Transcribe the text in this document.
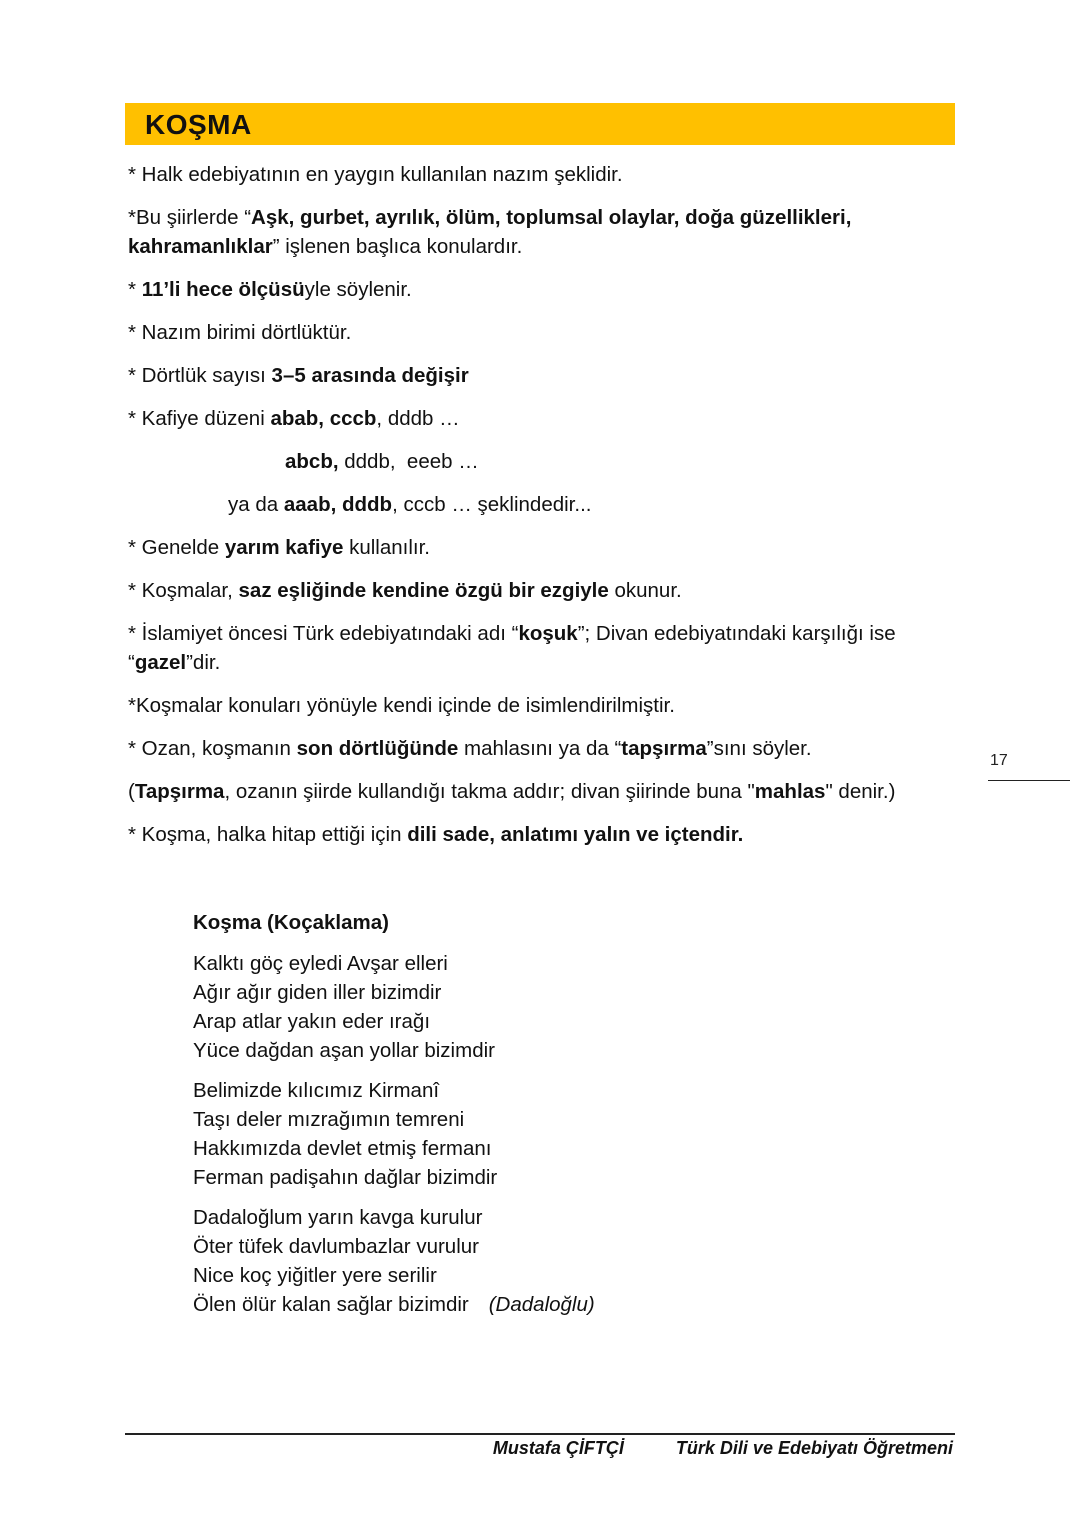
KOŞMA
* Halk edebiyatının en yaygın kullanılan nazım şeklidir.
*Bu şiirlerde “Aşk, gurbet, ayrılık, ölüm, toplumsal olaylar, doğa güzellikleri, kahramanlıklar” işlenen başlıca konulardır.
* 11’li hece ölçüsüyle söylenir.
* Nazım birimi dörtlüktür.
* Dörtlük sayısı 3–5 arasında değişir
* Kafiye düzeni abab, cccb, dddb …
abcb, dddb,  eeeb …
ya da aaab, dddb, cccb … şeklindedir...
* Genelde yarım kafiye kullanılır.
* Koşmalar, saz eşliğinde kendine özgü bir ezgiyle okunur.
* İslamiyet öncesi Türk edebiyatındaki adı “koşuk”; Divan edebiyatındaki karşılığı ise “gazel”dir.
*Koşmalar konuları yönüyle kendi içinde de isimlendirilmiştir.
* Ozan, koşmanın son dörtlüğünde mahlasını ya da “tapşırma”sını söyler.
(Tapşırma, ozanın şiirde kullandığı takma addır; divan şiirinde buna "mahlas" denir.)
* Koşma, halka hitap ettiği için dili sade, anlatımı yalın ve içtendir.
Koşma (Koçaklama)
Kalktı göç eyledi Avşar elleri
Ağır ağır giden iller bizimdir
Arap atlar yakın eder ırağı
Yüce dağdan aşan yollar bizimdir
Belimizde kılıcımız Kirmanî
Taşı deler mızrağımın temreni
Hakkımızda devlet etmiş fermanı
Ferman padişahın dağlar bizimdir
Dadaloğlum yarın kavga kurulur
Öter tüfek davlumbazlar vurulur
Nice koç yiğitler yere serilir
Ölen ölür kalan sağlar bizimdir (Dadaloğlu)
17
Mustafa ÇİFTÇİ	Türk Dili ve Edebiyatı Öğretmeni
